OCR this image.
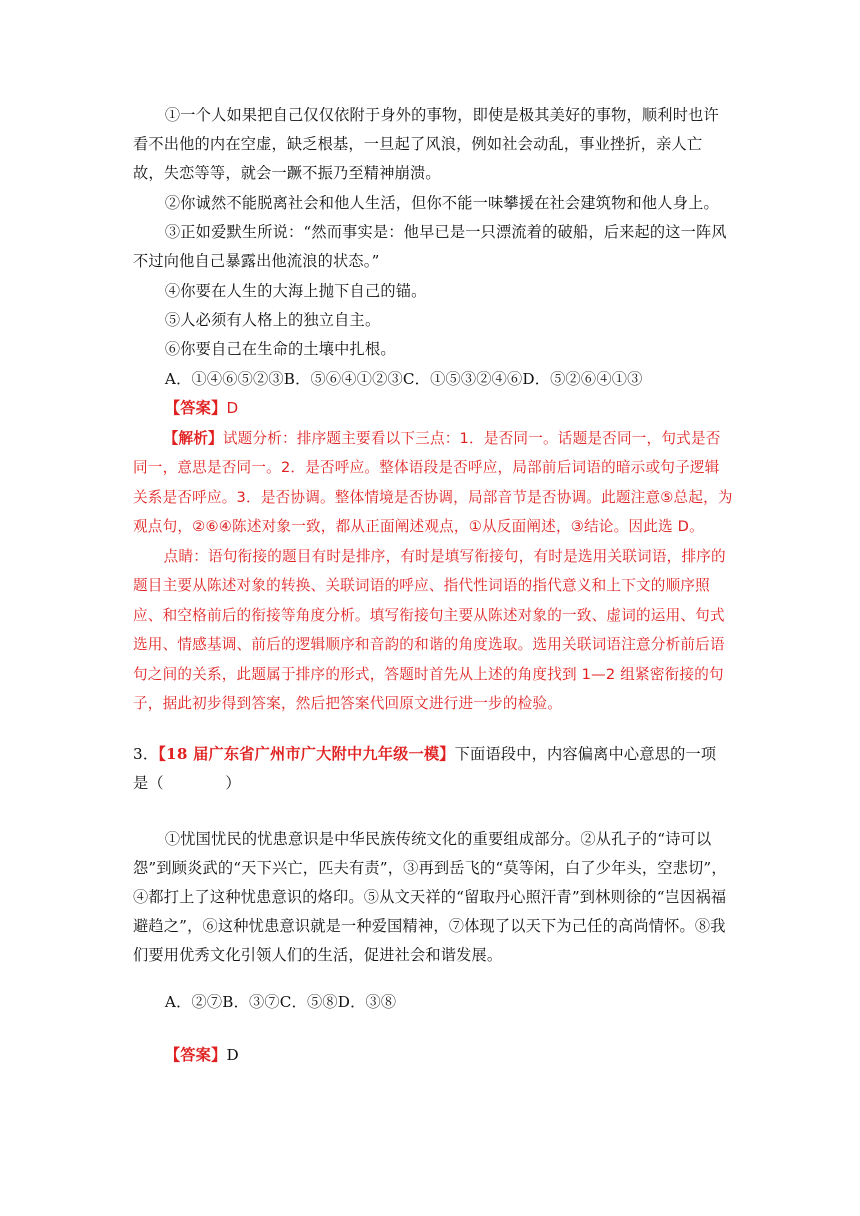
①一个人如果把自己仅仅依附于身外的事物，即使是极其美好的事物，顺利时也许看不出他的内在空虚，缺乏根基，一旦起了风浪，例如社会动乱，事业挫折，亲人亡故，失恋等等，就会一蹶不振乃至精神崩溃。
②你诚然不能脱离社会和他人生活，但你不能一味攀援在社会建筑物和他人身上。
③正如爱默生所说：“然而事实是：他早已是一只漂流着的破船，后来起的这一阵风不过向他自己暴露出他流浪的状态。”
④你要在人生的大海上抛下自己的锚。
⑤人必须有人格上的独立自主。
⑥你要自己在生命的土壤中扎根。
A．①④⑥⑤②③B．⑤⑥④①②③C．①⑤③②④⑥D．⑤②⑥④①③
【答案】D
【解析】试题分析：排序题主要看以下三点：1．是否同一。话题是否同一，句式是否同一，意思是否同一。2．是否呼应。整体语段是否呼应，局部前后词语的暗示或句子逻辑关系是否呼应。3．是否协调。整体情境是否协调，局部音节是否协调。此题注意⑤总起，为观点句，②⑥④陈述对象一致，都从正面阐述观点，①从反面阐述，③结论。因此选 D。
点睛：语句衔接的题目有时是排序，有时是填写衔接句，有时是选用关联词语，排序的题目主要从陈述对象的转换、关联词语的呼应、指代性词语的指代意义和上下文的顺序照应、和空格前后的衔接等角度分析。填写衔接句主要从陈述对象的一致、虚词的运用、句式选用、情感基调、前后的逻辑顺序和音韵的和谐的角度选取。选用关联词语注意分析前后语句之间的关系，此题属于排序的形式，答题时首先从上述的角度找到 1—2 组紧密衔接的句子，据此初步得到答案，然后把答案代回原文进行进一步的检验。
3．【18 届广东省广州市广大附中九年级一模】下面语段中，内容偏离中心意思的一项
是（　　　　）
①忧国忧民的忧患意识是中华民族传统文化的重要组成部分。②从孔子的“诗可以怨”到顾炎武的“天下兴亡，匹夫有责”，③再到岳飞的“莫等闲，白了少年头，空悲切”，④都打上了这种忧患意识的烙印。⑤从文天祥的“留取丹心照汗青”到林则徐的“岂因祸福避趋之”，⑥这种忧患意识就是一种爱国精神，⑦体现了以天下为己任的高尚情怀。⑧我们要用优秀文化引领人们的生活，促进社会和谐发展。
A．②⑦B．③⑦C．⑤⑧D．③⑧
【答案】D
